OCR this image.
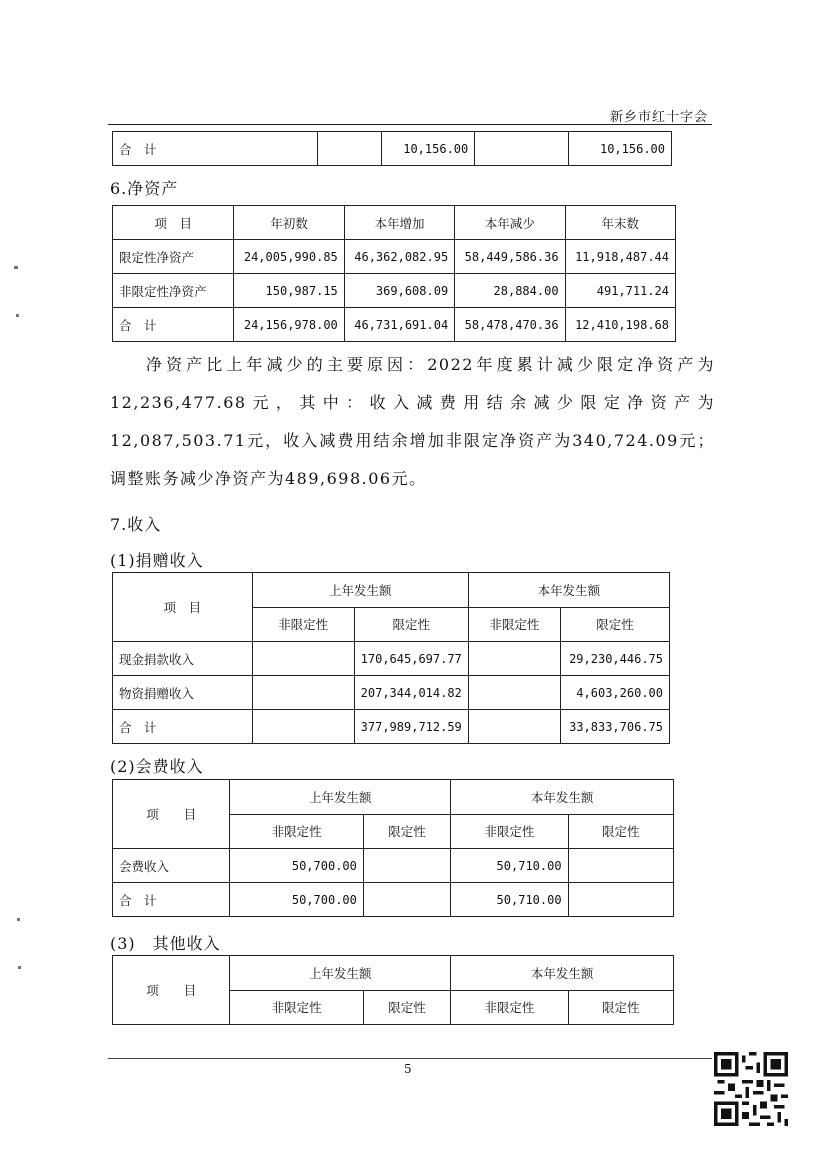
新乡市红十字会
合　计		10,156.00		10,156.00
6.净资产
项　目	年初数	本年增加	本年减少	年末数
限定性净资产	24,005,990.85	46,362,082.95	58,449,586.36	11,918,487.44
非限定性净资产	150,987.15	369,608.09	28,884.00	491,711.24
合　计	24,156,978.00	46,731,691.04	58,478,470.36	12,410,198.68
净资产比上年减少的主要原因：2022年度累计减少限定净资产为12,236,477.68元，其中：收入减费用结余减少限定净资产为12,087,503.71元，收入减费用结余增加非限定净资产为340,724.09元；调整账务减少净资产为489,698.06元。
7.收入
(1)捐赠收入
项　目	上年发生额		本年发生额	
	非限定性	限定性	非限定性	限定性
现金捐款收入		170,645,697.77		29,230,446.75
物资捐赠收入		207,344,014.82		4,603,260.00
合　计		377,989,712.59		33,833,706.75
(2)会费收入
项　　目	上年发生额		本年发生额	
	非限定性	限定性	非限定性	限定性
会费收入	50,700.00		50,710.00	
合　计	50,700.00		50,710.00	
(3)　其他收入
项　　目	上年发生额		本年发生额	
	非限定性	限定性	非限定性	限定性
5
